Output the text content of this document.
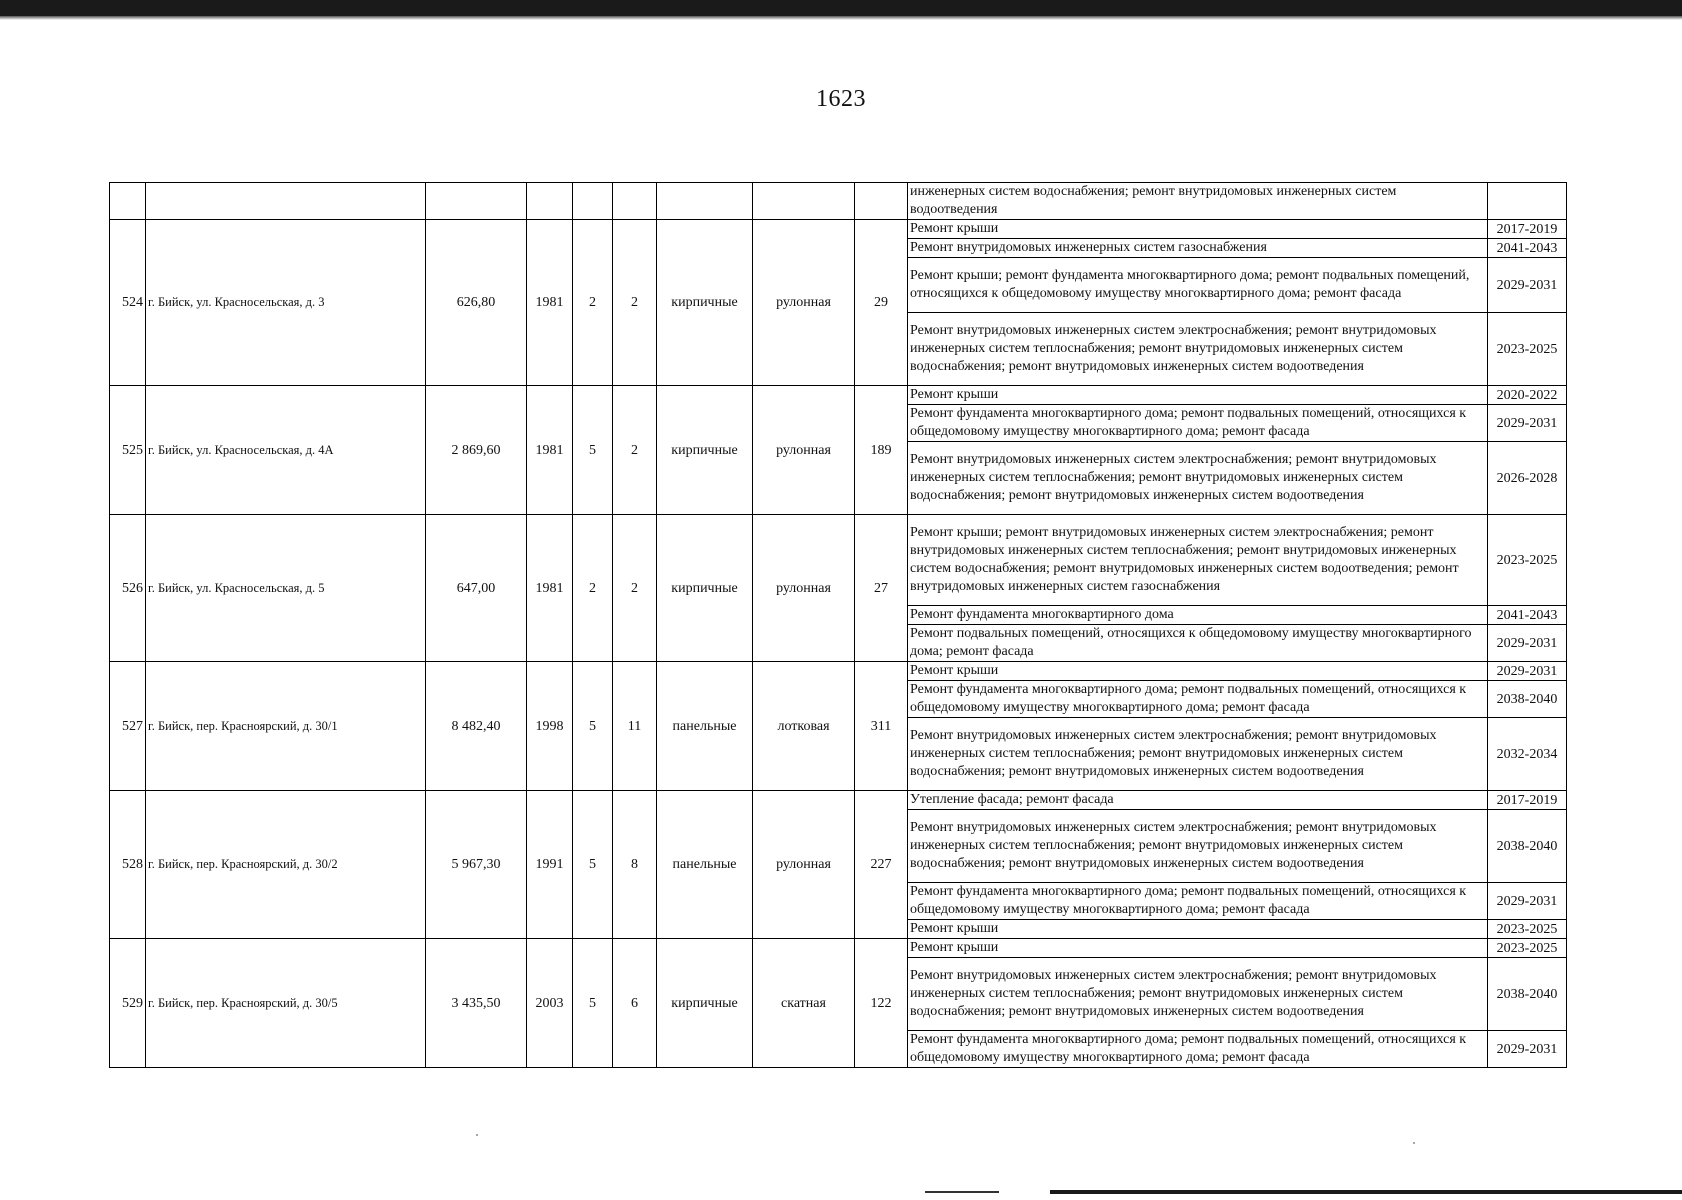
1623
									инженерных систем водоснабжения; ремонт внутридомовых инженерных систем водоотведения	
524	г. Бийск, ул. Красносельская, д. 3	626,80	1981	2	2	кирпичные	рулонная	29	Ремонт крыши	2017-2019
									Ремонт внутридомовых инженерных систем газоснабжения	2041-2043
									Ремонт крыши; ремонт фундамента многоквартирного дома; ремонт подвальных помещений, относящихся к общедомовому имуществу многоквартирного дома; ремонт фасада	2029-2031
									Ремонт внутридомовых инженерных систем электроснабжения; ремонт внутридомовых инженерных систем теплоснабжения; ремонт внутридомовых инженерных систем водоснабжения; ремонт внутридомовых инженерных систем водоотведения	2023-2025
525	г. Бийск, ул. Красносельская, д. 4А	2 869,60	1981	5	2	кирпичные	рулонная	189	Ремонт крыши	2020-2022
									Ремонт фундамента многоквартирного дома; ремонт подвальных помещений, относящихся к общедомовому имуществу многоквартирного дома; ремонт фасада	2029-2031
									Ремонт внутридомовых инженерных систем электроснабжения; ремонт внутридомовых инженерных систем теплоснабжения; ремонт внутридомовых инженерных систем водоснабжения; ремонт внутридомовых инженерных систем водоотведения	2026-2028
526	г. Бийск, ул. Красносельская, д. 5	647,00	1981	2	2	кирпичные	рулонная	27	Ремонт крыши; ремонт внутридомовых инженерных систем электроснабжения; ремонт внутридомовых инженерных систем теплоснабжения; ремонт внутридомовых инженерных систем водоснабжения; ремонт внутридомовых инженерных систем водоотведения; ремонт внутридомовых инженерных систем газоснабжения	2023-2025
									Ремонт фундамента многоквартирного дома	2041-2043
									Ремонт подвальных помещений, относящихся к общедомовому имуществу многоквартирного дома; ремонт фасада	2029-2031
527	г. Бийск, пер. Красноярский, д. 30/1	8 482,40	1998	5	11	панельные	лотковая	311	Ремонт крыши	2029-2031
									Ремонт фундамента многоквартирного дома; ремонт подвальных помещений, относящихся к общедомовому имуществу многоквартирного дома; ремонт фасада	2038-2040
									Ремонт внутридомовых инженерных систем электроснабжения; ремонт внутридомовых инженерных систем теплоснабжения; ремонт внутридомовых инженерных систем водоснабжения; ремонт внутридомовых инженерных систем водоотведения	2032-2034
528	г. Бийск, пер. Красноярский, д. 30/2	5 967,30	1991	5	8	панельные	рулонная	227	Утепление фасада; ремонт фасада	2017-2019
									Ремонт внутридомовых инженерных систем электроснабжения; ремонт внутридомовых инженерных систем теплоснабжения; ремонт внутридомовых инженерных систем водоснабжения; ремонт внутридомовых инженерных систем водоотведения	2038-2040
									Ремонт фундамента многоквартирного дома; ремонт подвальных помещений, относящихся к общедомовому имуществу многоквартирного дома; ремонт фасада	2029-2031
									Ремонт крыши	2023-2025
529	г. Бийск, пер. Красноярский, д. 30/5	3 435,50	2003	5	6	кирпичные	скатная	122	Ремонт крыши	2023-2025
									Ремонт внутридомовых инженерных систем электроснабжения; ремонт внутридомовых инженерных систем теплоснабжения; ремонт внутридомовых инженерных систем водоснабжения; ремонт внутридомовых инженерных систем водоотведения	2038-2040
									Ремонт фундамента многоквартирного дома; ремонт подвальных помещений, относящихся к общедомовому имуществу многоквартирного дома; ремонт фасада	2029-2031
